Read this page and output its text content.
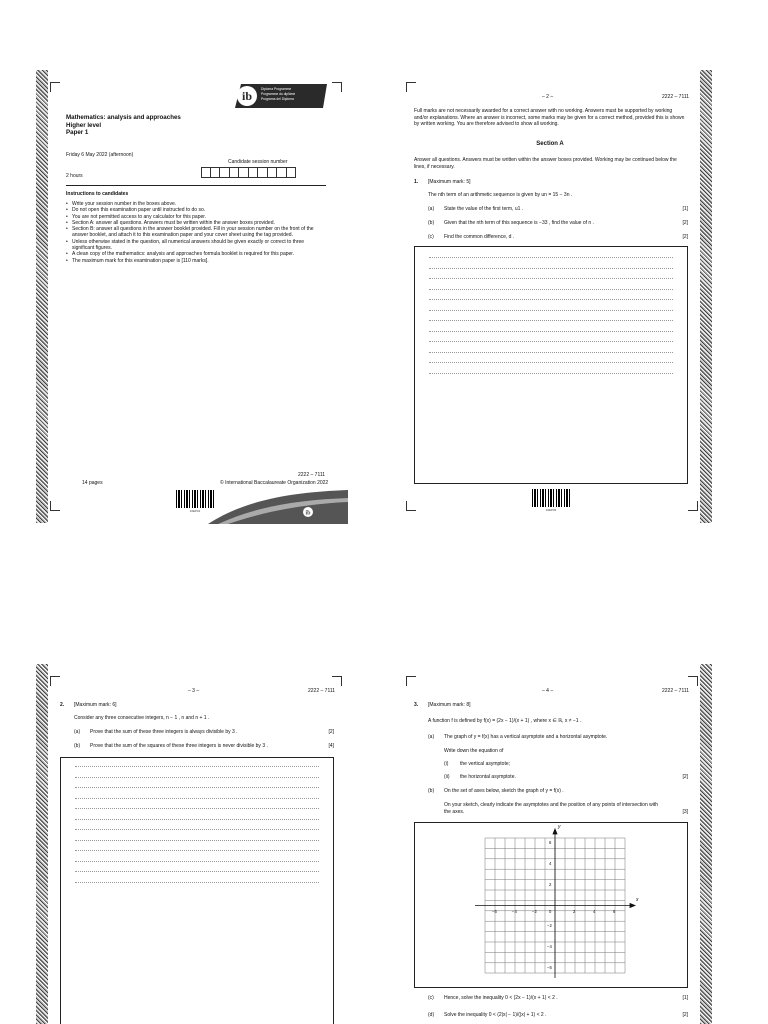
ib	Diploma Programme
Programme du diplôme
Programa del Diploma
Mathematics: analysis and approaches
Higher level
Paper 1
Friday 6 May 2022 (afternoon)
Candidate session number
2 hours
Instructions to candidates
• Write your session number in the boxes above.
• Do not open this examination paper until instructed to do so.
• You are not permitted access to any calculator for this paper.
• Section A: answer all questions. Answers must be written within the answer boxes provided.
• Section B: answer all questions in the answer booklet provided. Fill in your session number on the front of the answer booklet, and attach it to this examination paper and your cover sheet using the tag provided.
• Unless otherwise stated in the question, all numerical answers should be given exactly or correct to three significant figures.
• A clean copy of the mathematics: analysis and approaches formula booklet is required for this paper.
• The maximum mark for this examination paper is [110 marks].
2222 – 7111
14 pages	© International Baccalaureate Organization 2022
16EP01	ib
– 2 –	2222 – 7111
Full marks are not necessarily awarded for a correct answer with no working. Answers must be supported by working and/or explanations. Where an answer is incorrect, some marks may be given for a correct method, provided this is shown by written working. You are therefore advised to show all working.
Section A
Answer all questions. Answers must be written within the answer boxes provided. Working may be continued below the lines, if necessary.
1. [Maximum mark: 5]
The nth term of an arithmetic sequence is given by un = 15 − 3n .
(a) State the value of the first term, u1 .	[1]
(b) Given that the nth term of this sequence is −33 , find the value of n .	[2]
(c) Find the common difference, d .	[2]
16EP02
– 3 –	2222 – 7111
2. [Maximum mark: 6]
Consider any three consecutive integers, n − 1 , n and n + 1 .
(a) Prove that the sum of these three integers is always divisible by 3 .	[2]
(b) Prove that the sum of the squares of these three integers is never divisible by 3 .	[4]
– 4 –	2222 – 7111
3. [Maximum mark: 8]
A function f is defined by f(x) = (2x − 1)/(x + 1) , where x ∈ ℝ, x ≠ −1 .
(a) The graph of y = f(x) has a vertical asymptote and a horizontal asymptote.
Write down the equation of
(i) the vertical asymptote;
(ii) the horizontal asymptote.	[2]
(b) On the set of axes below, sketch the graph of y = f(x) .
On your sketch, clearly indicate the asymptotes and the position of any points of intersection with the axes.	[3]
x
y
−6	−4	−2	0	2	4	6
6
4
2
−2
−4
−6
(c) Hence, solve the inequality 0 < (2x − 1)/(x + 1) < 2 .	[1]
(d) Solve the inequality 0 < (2|x| − 1)/(|x| + 1) < 2 .	[2]
